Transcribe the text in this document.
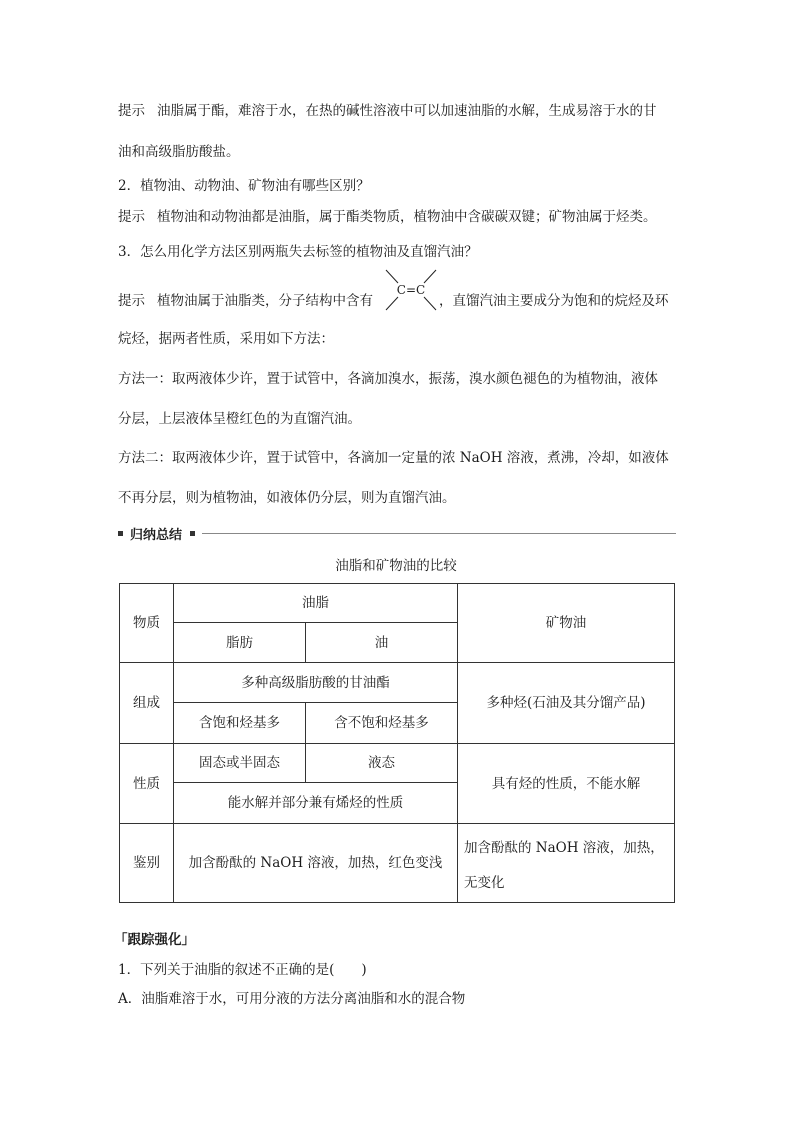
提示 油脂属于酯，难溶于水，在热的碱性溶液中可以加速油脂的水解，生成易溶于水的甘
油和高级脂肪酸盐。
2．植物油、动物油、矿物油有哪些区别？
提示 植物油和动物油都是油脂，属于酯类物质，植物油中含碳碳双键；矿物油属于烃类。
3．怎么用化学方法区别两瓶失去标签的植物油及直馏汽油？
提示 植物油属于油脂类，分子结构中含有	，直馏汽油主要成分为饱和的烷烃及环
C=C
烷烃，据两者性质，采用如下方法：
方法一：取两液体少许，置于试管中，各滴加溴水，振荡，溴水颜色褪色的为植物油，液体
分层，上层液体呈橙红色的为直馏汽油。
方法二：取两液体少许，置于试管中，各滴加一定量的浓 NaOH 溶液，煮沸，冷却，如液体
不再分层，则为植物油，如液体仍分层，则为直馏汽油。
归纳总结
油脂和矿物油的比较
物质	油脂		矿物油
	脂肪	油	
组成	多种高级脂肪酸的甘油酯		多种烃(石油及其分馏产品)
	含饱和烃基多	含不饱和烃基多	
性质	固态或半固态	液态	具有烃的性质，不能水解
	能水解并部分兼有烯烃的性质		
鉴别	加含酚酞的 NaOH 溶液，加热，红色变浅		加含酚酞的 NaOH 溶液，加热，
无变化
「跟踪强化」
1．下列关于油脂的叙述不正确的是(　　)
A．油脂难溶于水，可用分液的方法分离油脂和水的混合物
